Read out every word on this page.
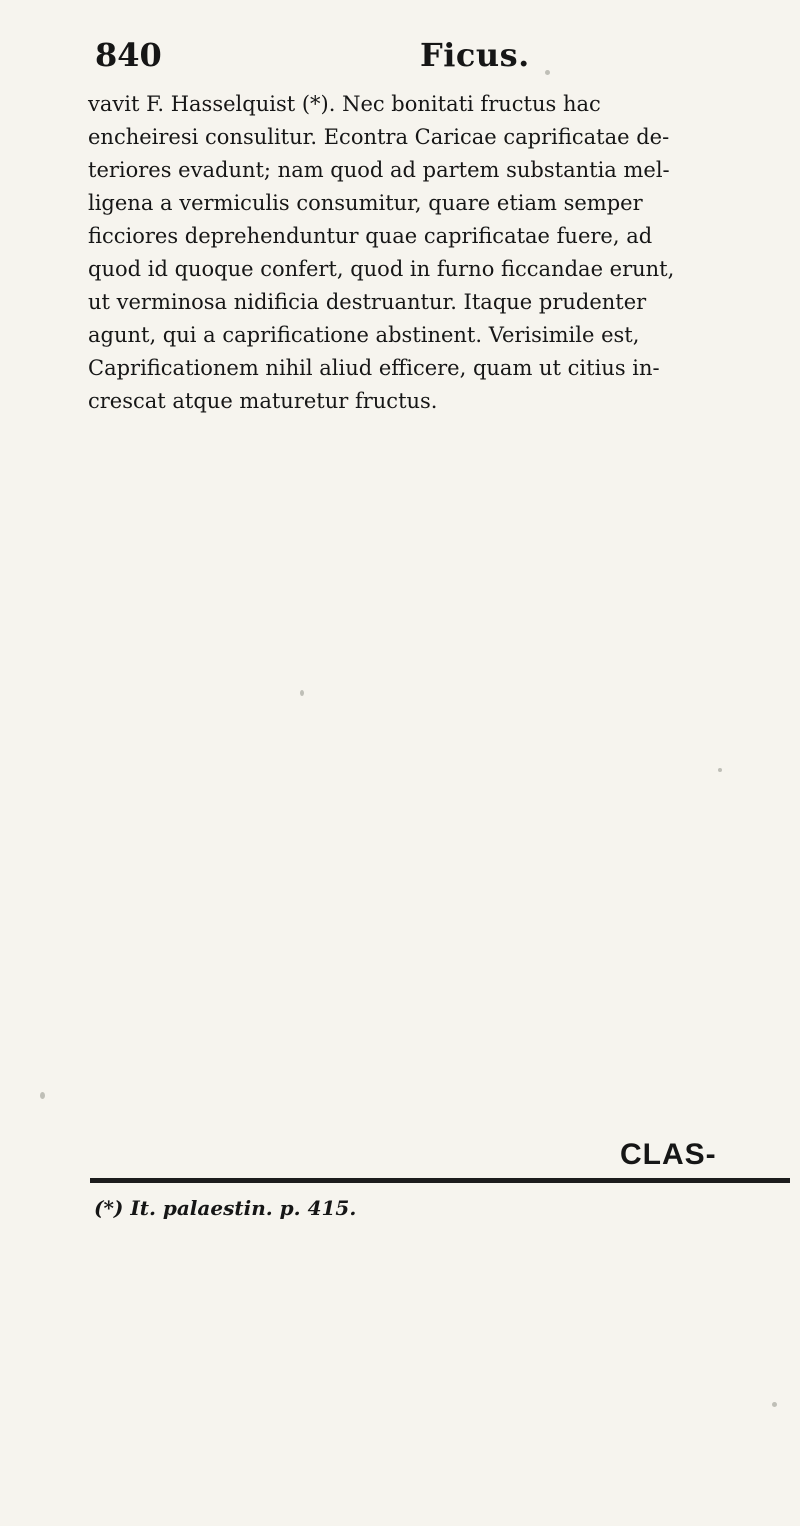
840	Ficus.
vavit F. Hasselquist (*). Nec bonitati fructus hac
encheiresi consulitur. Econtra Caricae caprificatae de-
teriores evadunt; nam quod ad partem substantia mel-
ligena a vermiculis consumitur, quare etiam semper
ficciores deprehenduntur quae caprificatae fuere, ad
quod id quoque confert, quod in furno ficcandae erunt,
ut verminosa nidificia destruantur. Itaque prudenter
agunt, qui a caprificatione abstinent. Verisimile est,
Caprificationem nihil aliud efficere, quam ut citius in-
crescat atque maturetur fructus.
CLAS-
(*) It. palaestin. p. 415.
